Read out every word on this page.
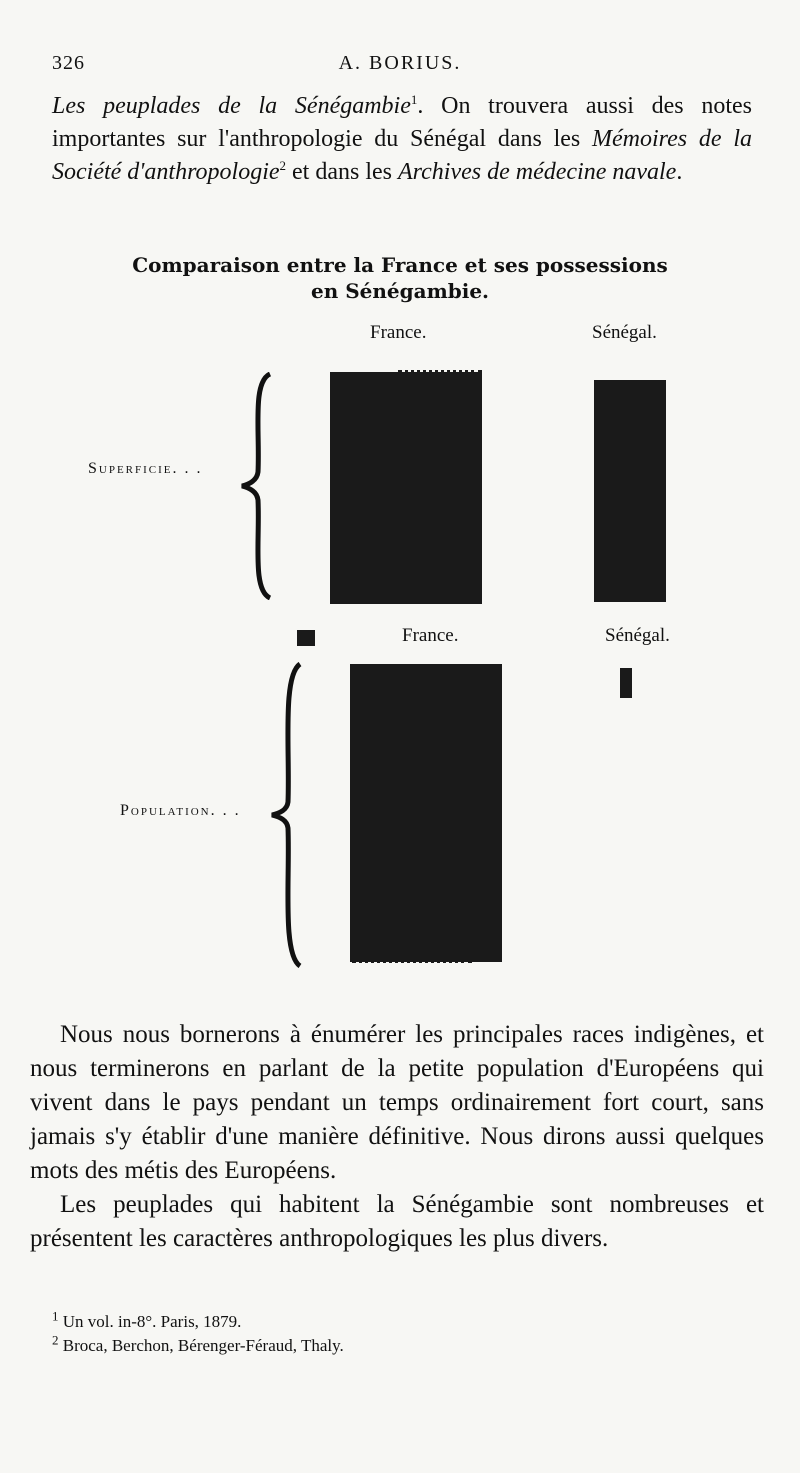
326	A. BORIUS.

Les peuplades de la Sénégambie$^1$. On trouvera aussi des notes importantes sur l'anthropologie du Sénégal dans les Mémoires de la Société d'anthropologie$^2$ et dans les Archives de médecine navale.

Comparaison entre la France et ses possessions
en Sénégambie.
France.	Sénégal.
Superficie. . .
France.	Sénégal.
Population. . .

Nous nous bornerons à énumérer les principales races indigènes, et nous terminerons en parlant de la petite population d'Européens qui vivent dans le pays pendant un temps ordinairement fort court, sans jamais s'y établir d'une manière définitive. Nous dirons aussi quelques mots des métis des Européens.

Les peuplades qui habitent la Sénégambie sont nombreuses et présentent les caractères anthropologiques les plus divers.

$^1$ Un vol. in-8°. Paris, 1879.

$^2$ Broca, Berchon, Bérenger-Féraud, Thaly.
